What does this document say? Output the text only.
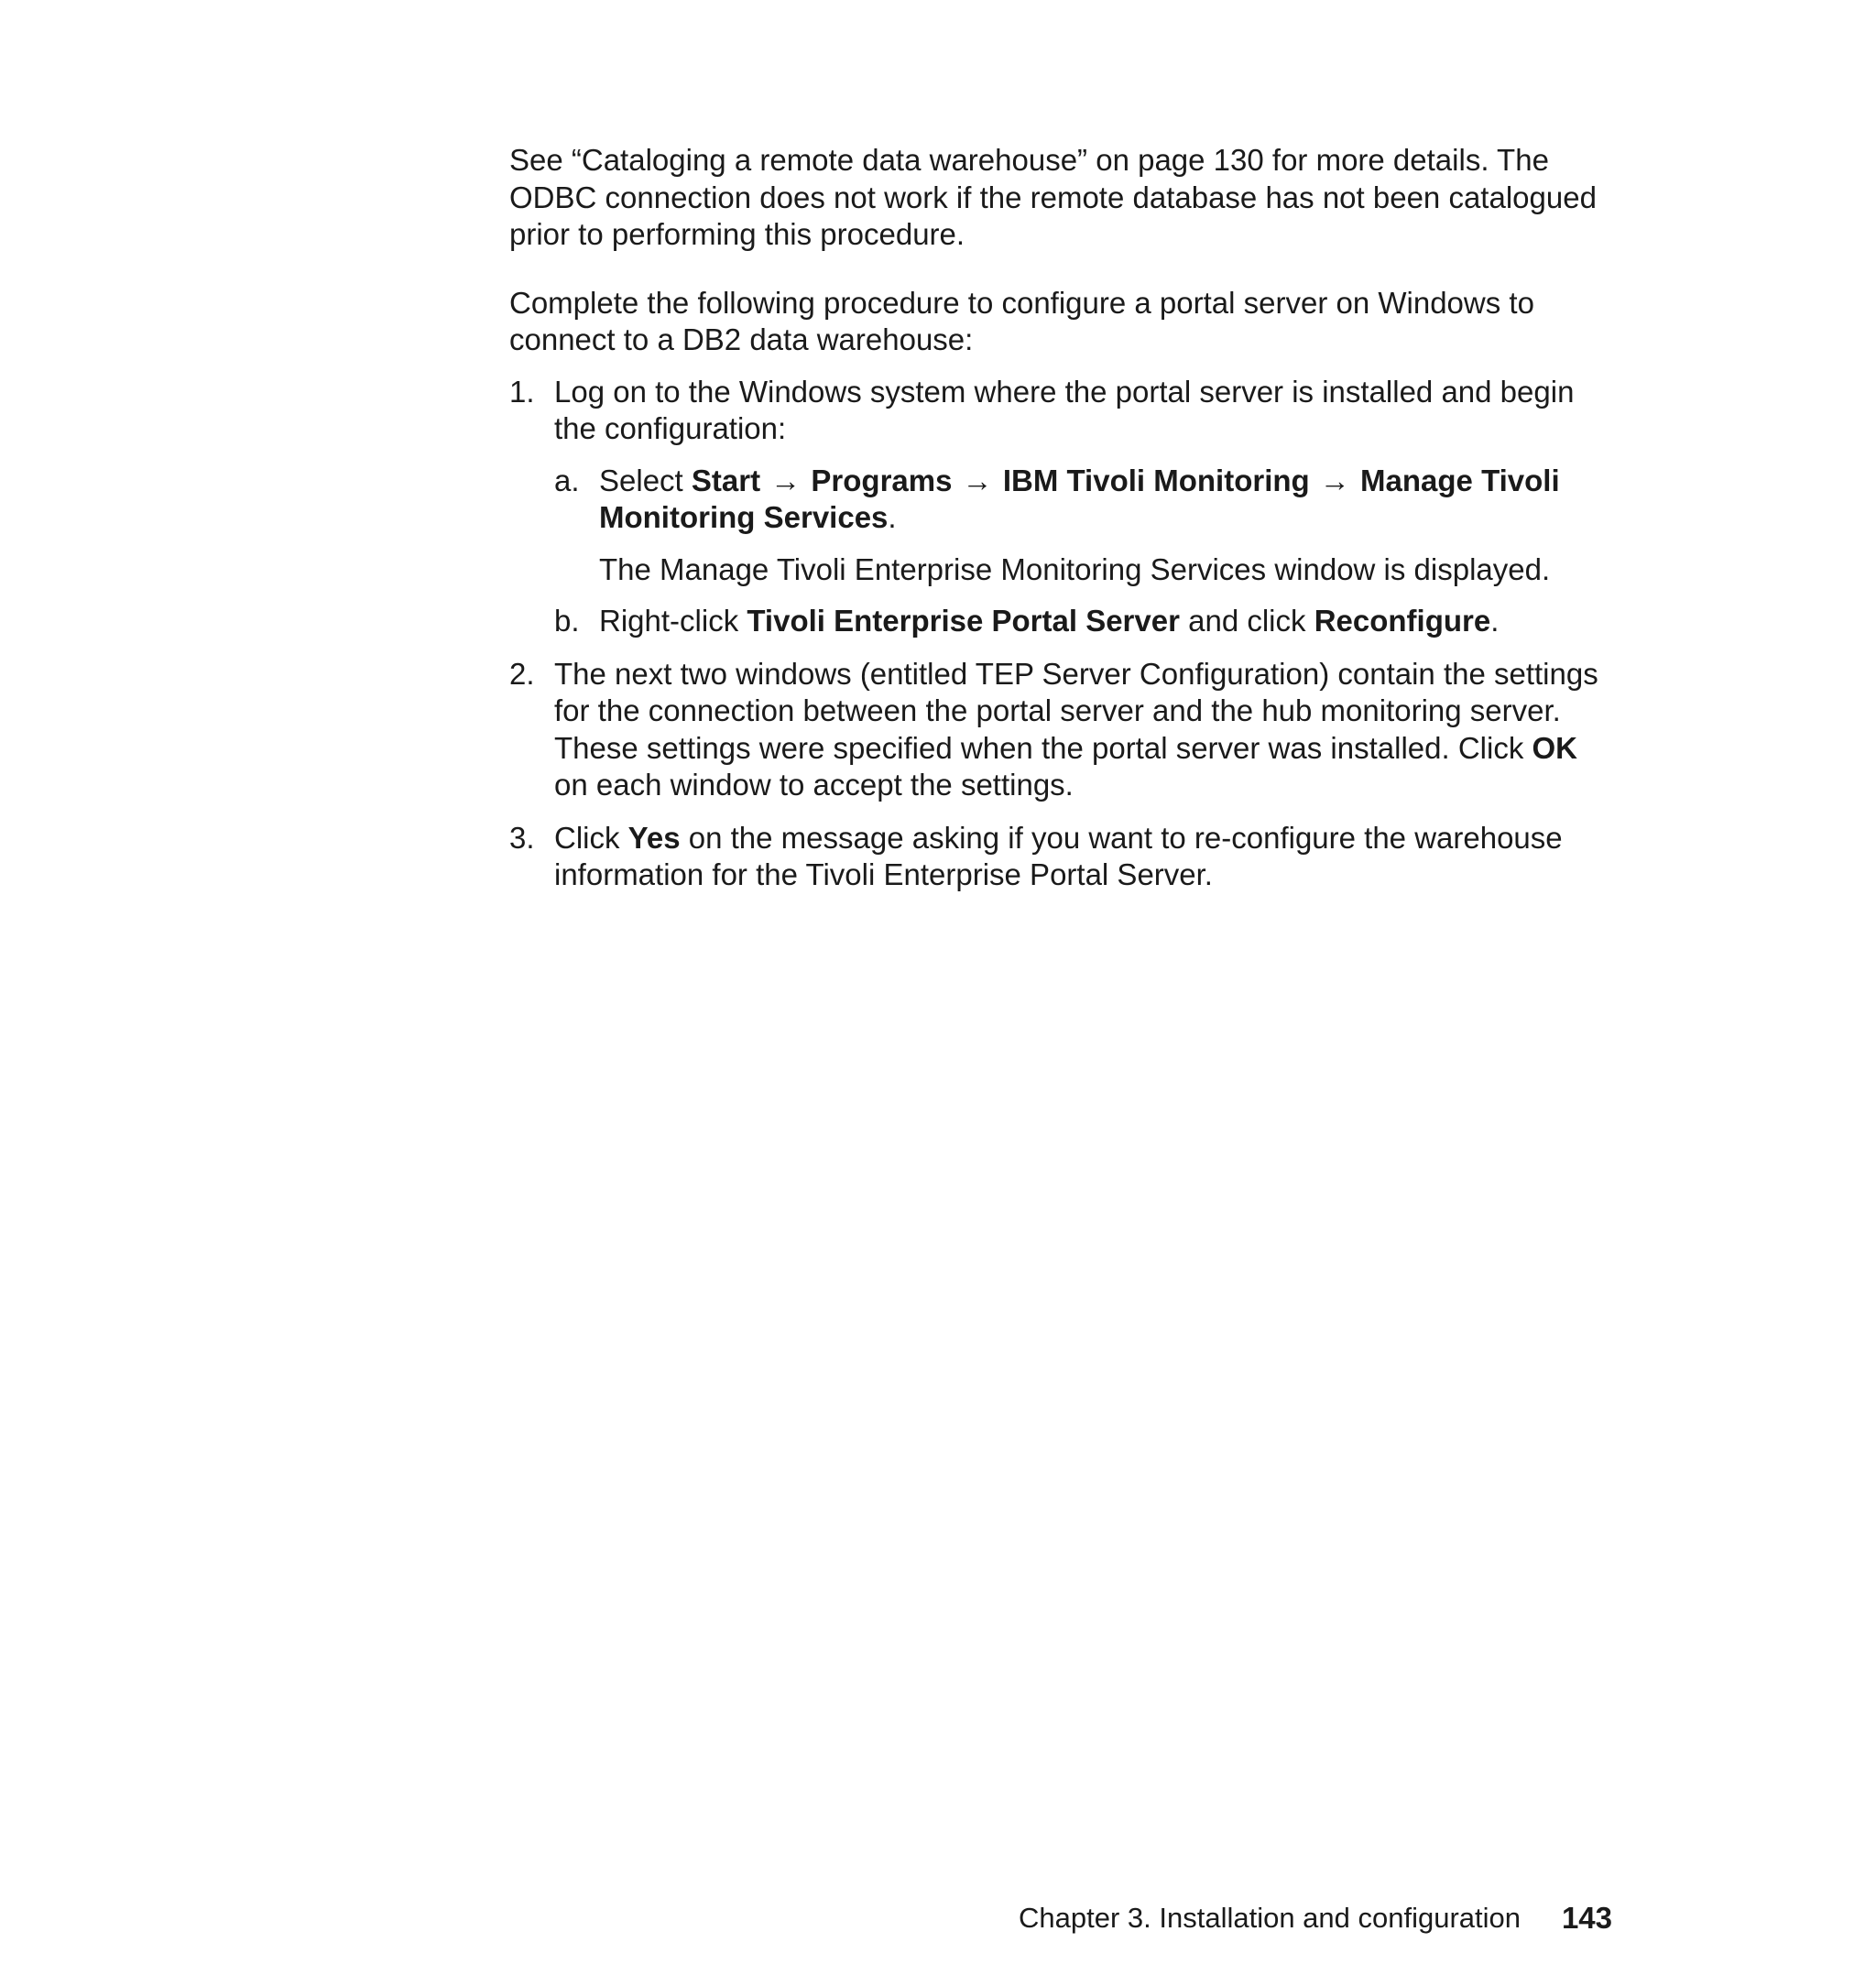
See “Cataloging a remote data warehouse” on page 130 for more details. The ODBC connection does not work if the remote database has not been catalogued prior to performing this procedure.

Complete the following procedure to configure a portal server on Windows to connect to a DB2 data warehouse:

1. Log on to the Windows system where the portal server is installed and begin the configuration:
a. Select Start → Programs → IBM Tivoli Monitoring → Manage Tivoli Monitoring Services.

The Manage Tivoli Enterprise Monitoring Services window is displayed.

b. Right-click Tivoli Enterprise Portal Server and click Reconfigure.
2. The next two windows (entitled TEP Server Configuration) contain the settings for the connection between the portal server and the hub monitoring server. These settings were specified when the portal server was installed. Click OK on each window to accept the settings.
3. Click Yes on the message asking if you want to re-configure the warehouse information for the Tivoli Enterprise Portal Server.
Chapter 3. Installation and configuration 143
